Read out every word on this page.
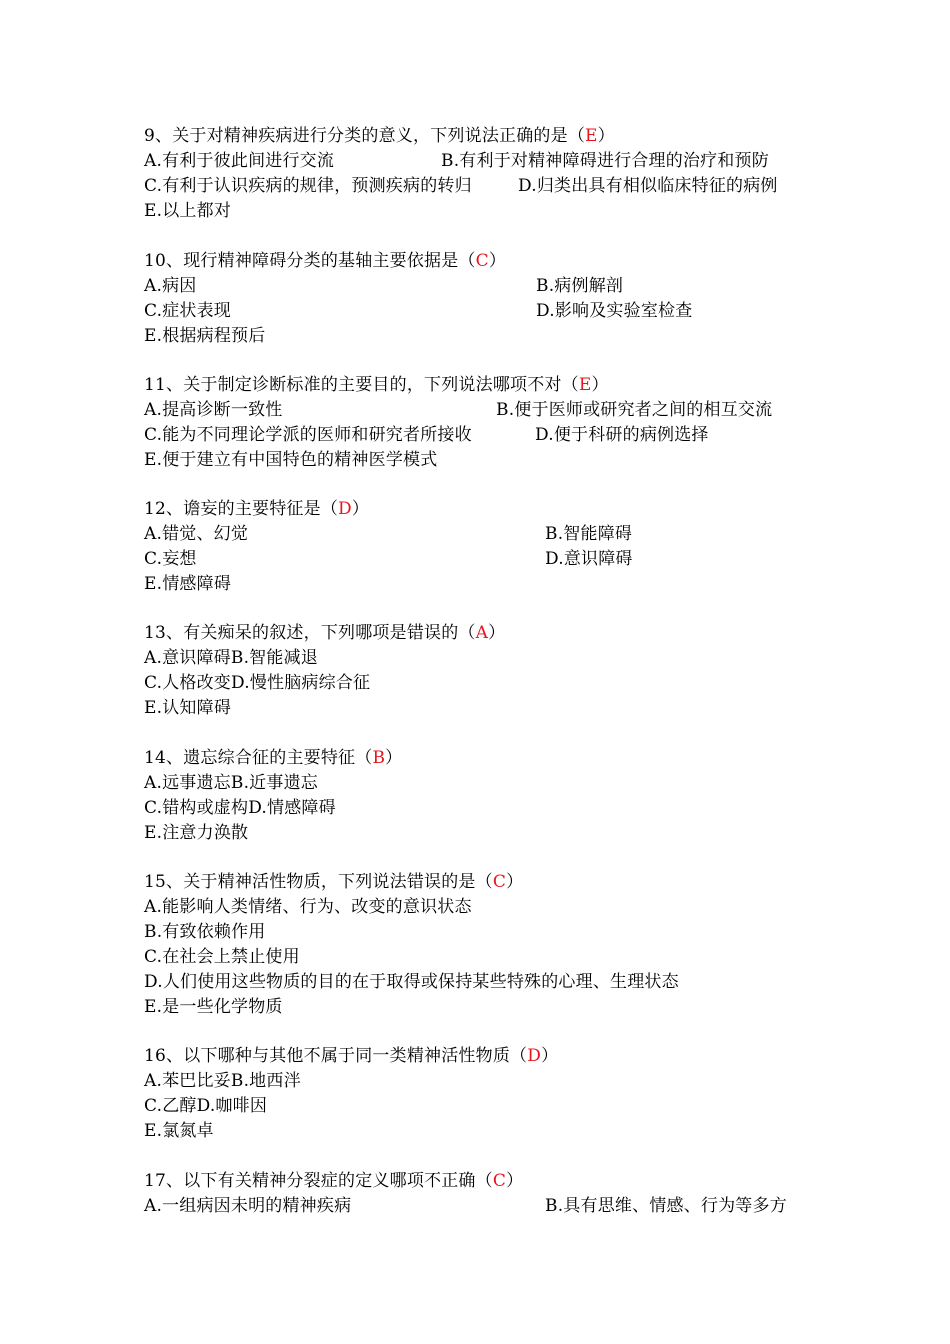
9、关于对精神疾病进行分类的意义，下列说法正确的是（E）
A.有利于彼此间进行交流	B.有利于对精神障碍进行合理的治疗和预防
C.有利于认识疾病的规律，预测疾病的转归	D.归类出具有相似临床特征的病例
E.以上都对
10、现行精神障碍分类的基轴主要依据是（C）
A.病因	B.病例解剖
C.症状表现	D.影响及实验室检查
E.根据病程预后
11、关于制定诊断标准的主要目的，下列说法哪项不对（E）
A.提高诊断一致性	B.便于医师或研究者之间的相互交流
C.能为不同理论学派的医师和研究者所接收	D.便于科研的病例选择
E.便于建立有中国特色的精神医学模式
12、谵妄的主要特征是（D）
A.错觉、幻觉	B.智能障碍
C.妄想	D.意识障碍
E.情感障碍
13、有关痴呆的叙述，下列哪项是错误的（A）
A.意识障碍B.智能减退
C.人格改变D.慢性脑病综合征
E.认知障碍
14、遗忘综合征的主要特征（B）
A.远事遗忘B.近事遗忘
C.错构或虚构D.情感障碍
E.注意力涣散
15、关于精神活性物质，下列说法错误的是（C）
A.能影响人类情绪、行为、改变的意识状态
B.有致依赖作用
C.在社会上禁止使用
D.人们使用这些物质的目的在于取得或保持某些特殊的心理、生理状态
E.是一些化学物质
16、以下哪种与其他不属于同一类精神活性物质（D）
A.苯巴比妥B.地西泮
C.乙醇D.咖啡因
E.氯氮卓
17、以下有关精神分裂症的定义哪项不正确（C）
A.一组病因未明的精神疾病	B.具有思维、情感、行为等多方
